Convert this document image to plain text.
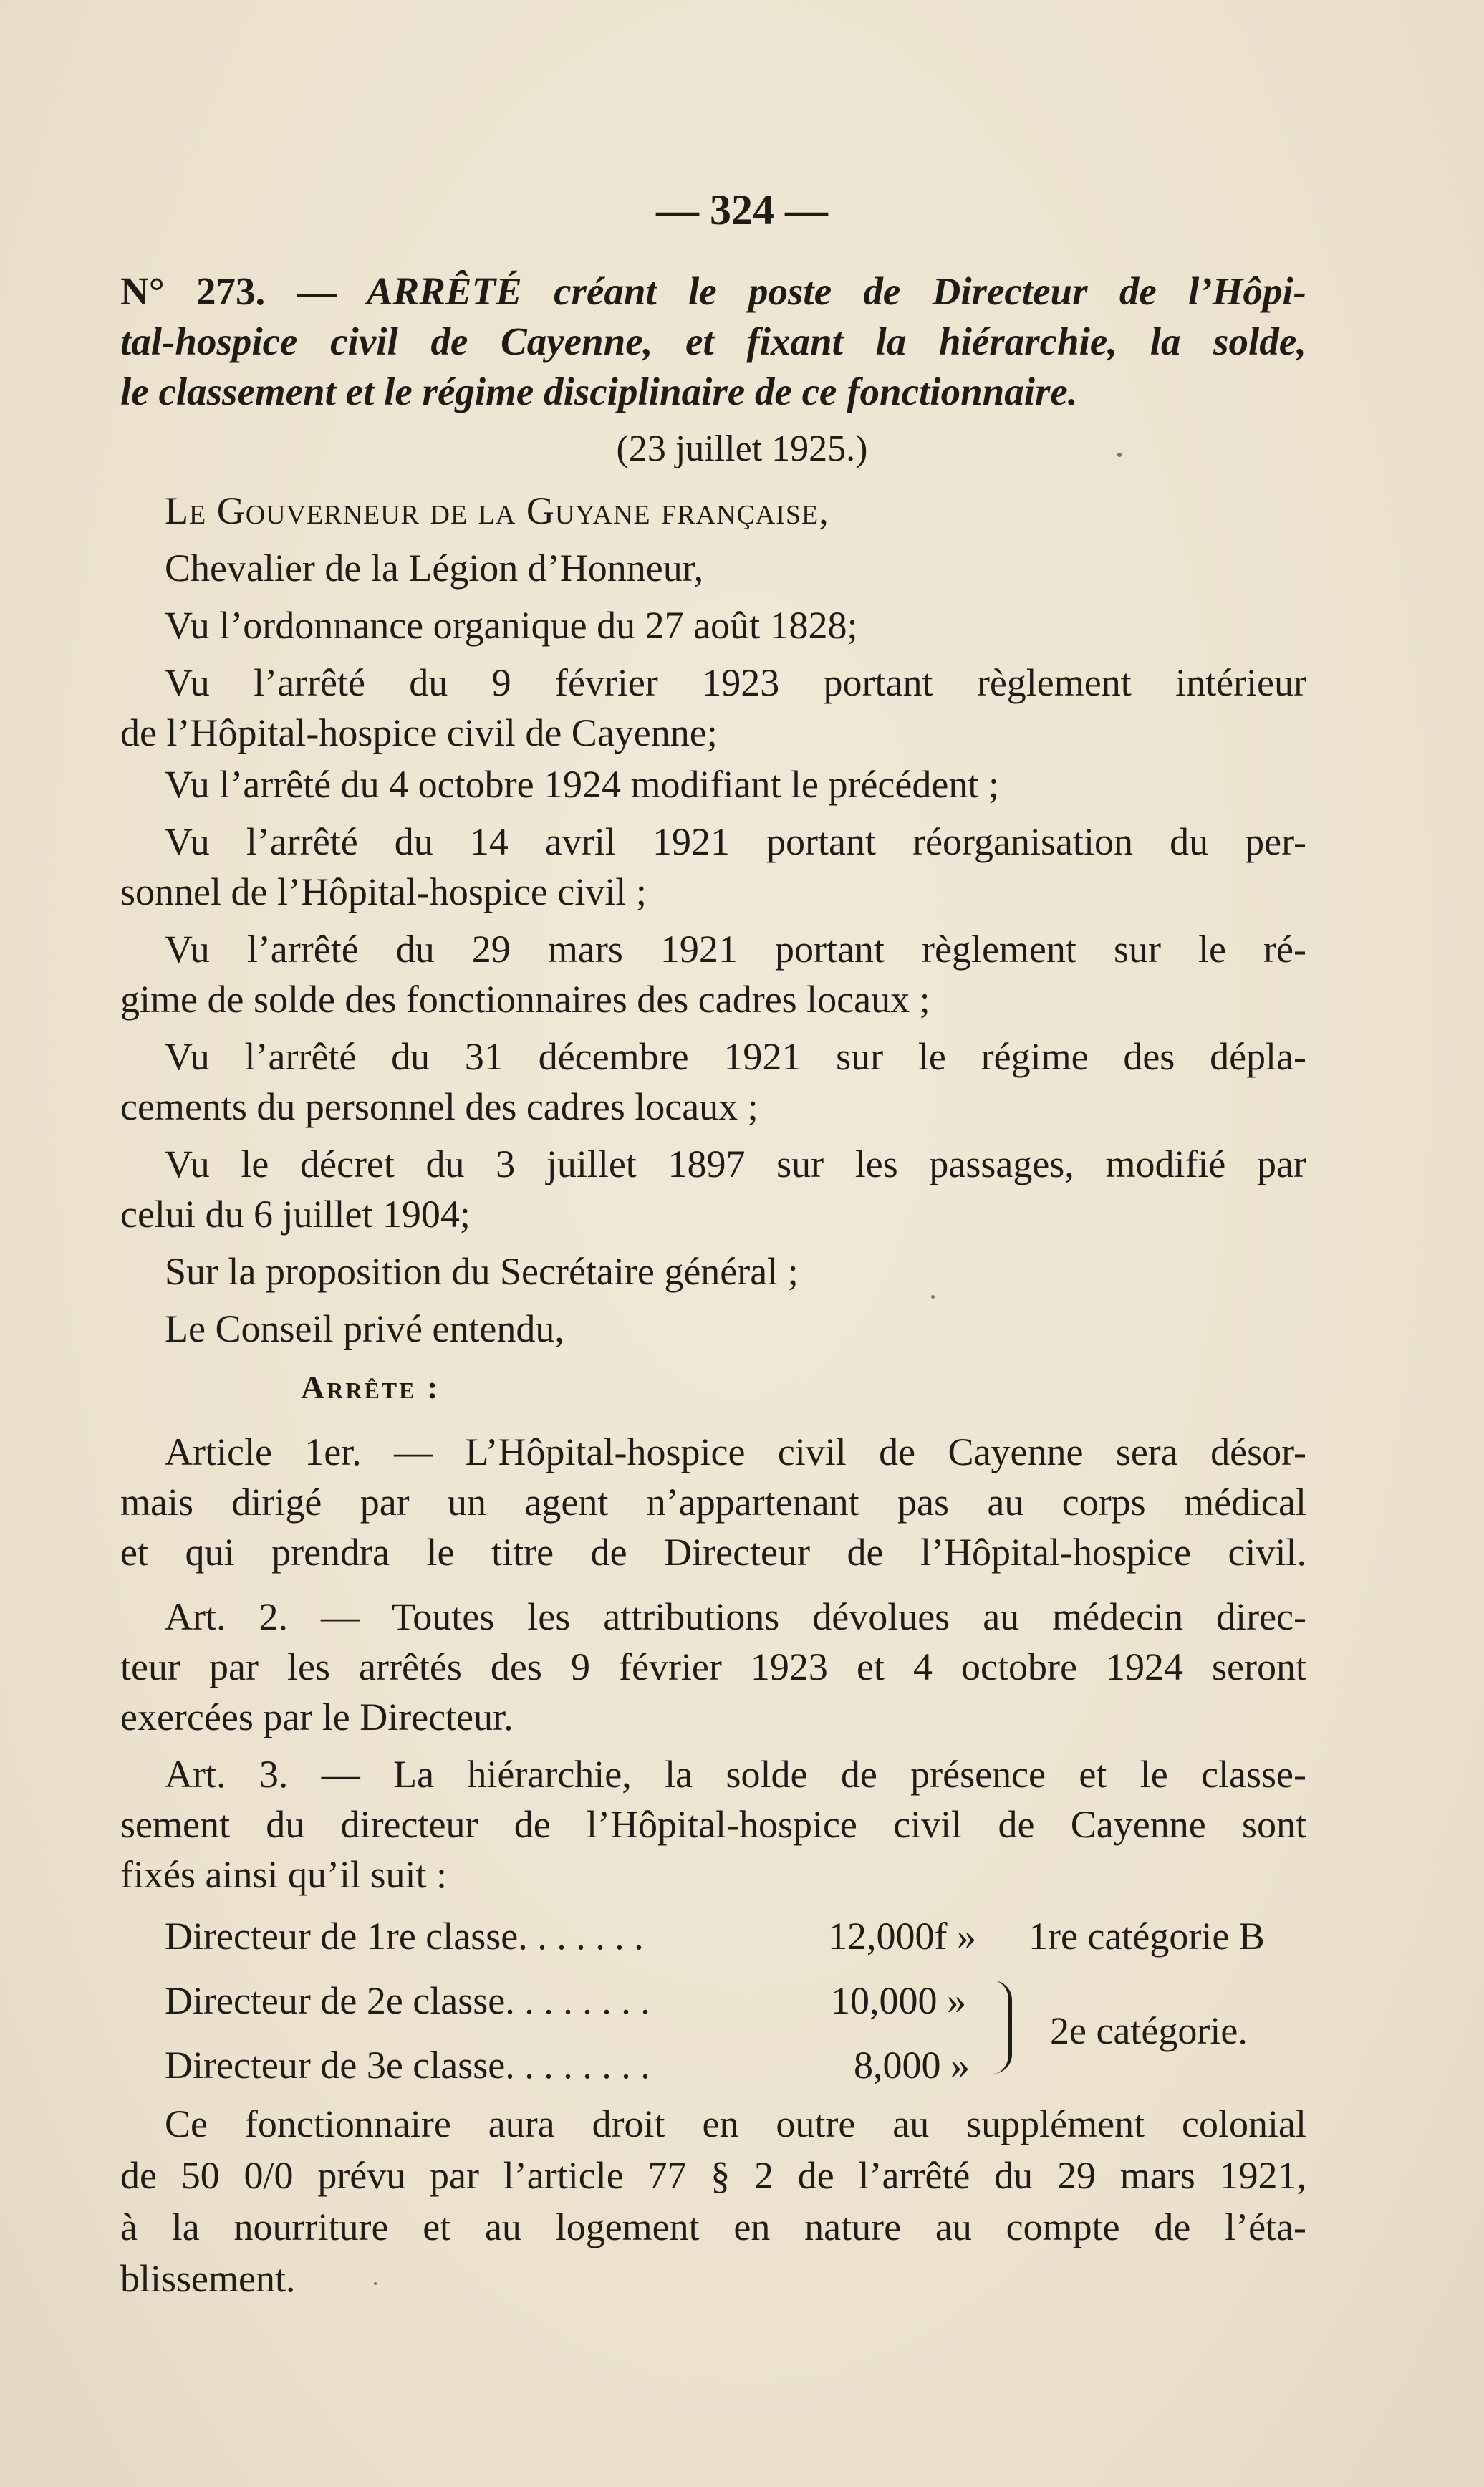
— 324 —
N° 273. — ARRÊTÉ créant le poste de Directeur de l’Hôpi-
tal-hospice civil de Cayenne, et fixant la hiérarchie, la solde,
le classement et le régime disciplinaire de ce fonctionnaire.
(23 juillet 1925.)
Le Gouverneur de la Guyane française,
Chevalier de la Légion d’Honneur,
Vu l’ordonnance organique du 27 août 1828;
Vu l’arrêté du 9 février 1923 portant règlement intérieur
de l’Hôpital-hospice civil de Cayenne;
Vu l’arrêté du 4 octobre 1924 modifiant le précédent ;
Vu l’arrêté du 14 avril 1921 portant réorganisation du per-
sonnel de l’Hôpital-hospice civil ;
Vu l’arrêté du 29 mars 1921 portant règlement sur le ré-
gime de solde des fonctionnaires des cadres locaux ;
Vu l’arrêté du 31 décembre 1921 sur le régime des dépla-
cements du personnel des cadres locaux ;
Vu le décret du 3 juillet 1897 sur les passages, modifié par
celui du 6 juillet 1904;
Sur la proposition du Secrétaire général ;
Le Conseil privé entendu,
Arrête :
Article 1er. — L’Hôpital-hospice civil de Cayenne sera désor-
mais dirigé par un agent n’appartenant pas au corps médical
et qui prendra le titre de Directeur de l’Hôpital-hospice civil.
Art. 2. — Toutes les attributions dévolues au médecin direc-
teur par les arrêtés des 9 février 1923 et 4 octobre 1924 seront
exercées par le Directeur.
Art. 3. — La hiérarchie, la solde de présence et le classe-
sement du directeur de l’Hôpital-hospice civil de Cayenne sont
fixés ainsi qu’il suit :
Directeur de 1re classe. . . . . . .	12,000f » 1re catégorie B
Directeur de 2e classe. . . . . . . .	10,000 »
2e catégorie.
Directeur de 3e classe. . . . . . . .	8,000 »
Ce fonctionnaire aura droit en outre au supplément colonial
de 50 0/0 prévu par l’article 77 § 2 de l’arrêté du 29 mars 1921,
à la nourriture et au logement en nature au compte de l’éta-
blissement.
